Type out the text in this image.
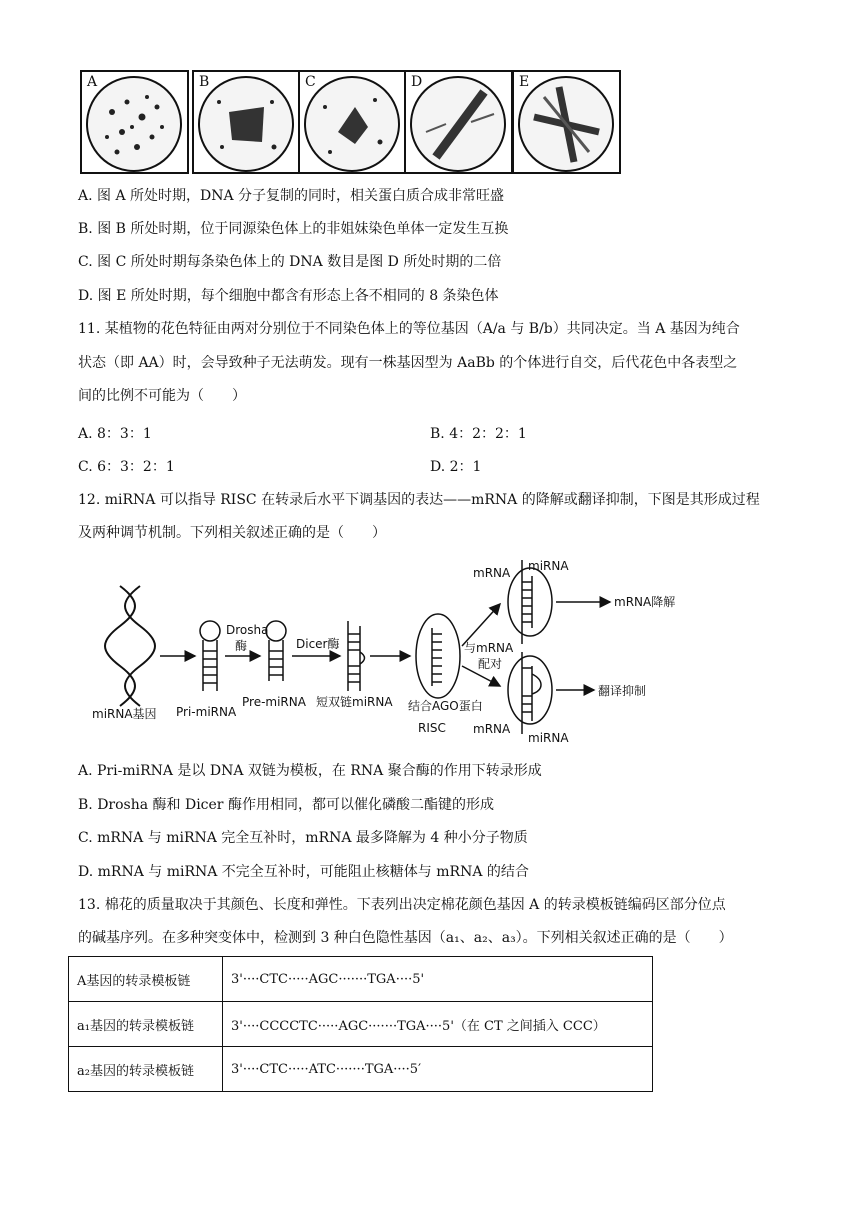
A	B	C	D	E
A. 图 A 所处时期，DNA 分子复制的同时，相关蛋白质合成非常旺盛
B. 图 B 所处时期，位于同源染色体上的非姐妹染色单体一定发生互换
C. 图 C 所处时期每条染色体上的 DNA 数目是图 D 所处时期的二倍
D. 图 E 所处时期，每个细胞中都含有形态上各不相同的 8 条染色体
11. 某植物的花色特征由两对分别位于不同染色体上的等位基因（A/a 与 B/b）共同决定。当 A 基因为纯合
状态（即 AA）时，会导致种子无法萌发。现有一株基因型为 AaBb 的个体进行自交，后代花色中各表型之
间的比例不可能为（　　）
A. 8：3：1	B. 4：2：2：1
C. 6：3：2：1	D. 2：1
12. miRNA 可以指导 RISC 在转录后水平下调基因的表达——mRNA 的降解或翻译抑制，下图是其形成过程
及两种调节机制。下列相关叙述正确的是（　　）
miRNA基因 Pri-miRNA
Drosha
酶
Pre-miRNA
Dicer酶
短双链miRNA 结合AGO蛋白
RISC
与mRNA
配对
mRNA miRNA
mRNA降解
翻译抑制
mRNA
miRNA
A. Pri-miRNA 是以 DNA 双链为模板，在 RNA 聚合酶的作用下转录形成
B. Drosha 酶和 Dicer 酶作用相同，都可以催化磷酸二酯键的形成
C. mRNA 与 miRNA 完全互补时，mRNA 最多降解为 4 种小分子物质
D. mRNA 与 miRNA 不完全互补时，可能阻止核糖体与 mRNA 的结合
13. 棉花的质量取决于其颜色、长度和弹性。下表列出决定棉花颜色基因 A 的转录模板链编码区部分位点
的碱基序列。在多种突变体中，检测到 3 种白色隐性基因（a₁、a₂、a₃）。下列相关叙述正确的是（　　）
A基因的转录模板链	3'····CTC·····AGC·······TGA····5'
a₁基因的转录模板链	3'····CCCCTC·····AGC·······TGA····5'（在 CT 之间插入 CCC）
a₂基因的转录模板链	3'····CTC·····ATC·······TGA····5′
